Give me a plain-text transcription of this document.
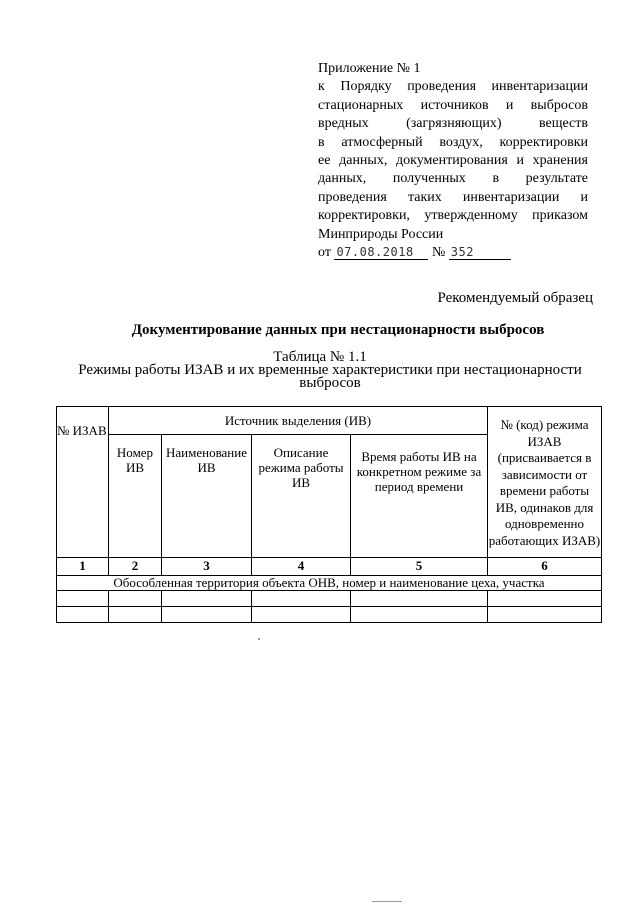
Приложение № 1
к Порядку проведения инвентаризации
стационарных источников и выбросов
вредных (загрязняющих) веществ
в атмосферный воздух, корректировки
ее данных, документирования и хранения
данных, полученных в результате
проведения таких инвентаризации и
корректировки, утвержденному приказом
Минприроды России
от 07.08.2018 № 352
Рекомендуемый образец
Документирование данных при нестационарности выбросов
Таблица № 1.1
Режимы работы ИЗАВ и их временные характеристики при нестационарности выбросов
№ ИЗАВ	Источник выделения (ИВ)				№ (код) режима ИЗАВ (присваивается в зависимости от времени работы ИВ, одинаков для одновременно работающих ИЗАВ)
	Номер ИВ	Наименование ИВ	Описание режима работы ИВ	Время работы ИВ на конкретном режиме за период времени	
1	2	3	4	5	6
Обособленная территория объекта ОНВ, номер и наименование цеха, участка					
